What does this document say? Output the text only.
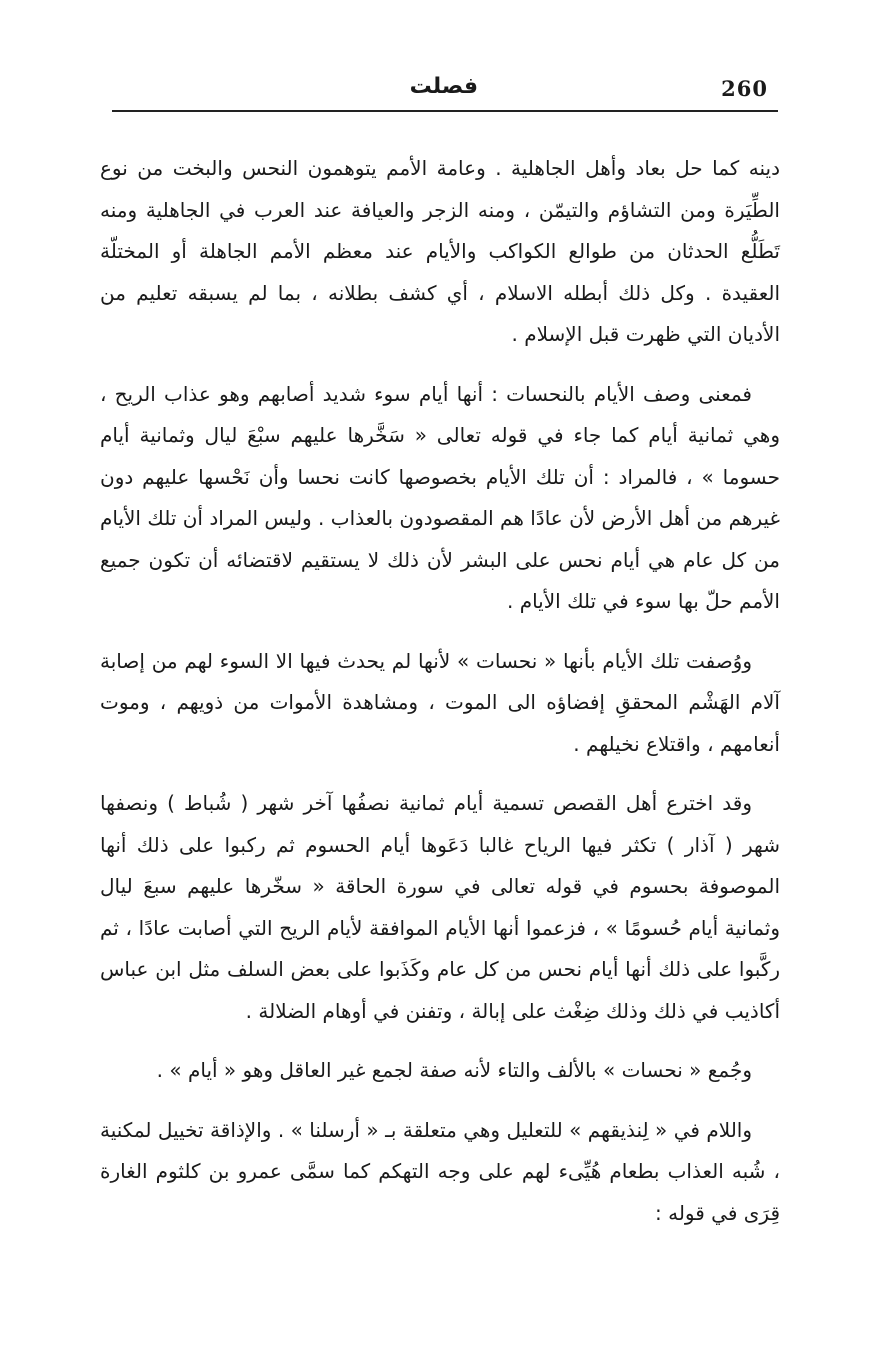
260
فصلت

دينه كما حل بعاد وأهل الجاهلية . وعامة الأمم يتوهمون النحس والبخت من نوع الطِّيَرة ومن التشاؤم والتيمّن ، ومنه الزجر والعيافة عند العرب في الجاهلية ومنه تَطَلُّع الحدثان من طوالع الكواكب والأيام عند معظم الأمم الجاهلة أو المختلّة العقيدة . وكل ذلك أبطله الاسلام ، أي كشف بطلانه ، بما لم يسبقه تعليم من الأديان التي ظهرت قبل الإسلام .

فمعنى وصف الأيام بالنحسات : أنها أيام سوء شديد أصابهم وهو عذاب الريح ، وهي ثمانية أيام كما جاء في قوله تعالى « سَخَّرها عليهم سبْعَ ليال وثمانية أيام حسوما » ، فالمراد : أن تلك الأيام بخصوصها كانت نحسا وأن نَحْسها عليهم دون غيرهم من أهل الأرض لأن عادًا هم المقصودون بالعذاب . وليس المراد أن تلك الأيام من كل عام هي أيام نحس على البشر لأن ذلك لا يستقيم لاقتضائه أن تكون جميع الأمم حلّ بها سوء في تلك الأيام .

ووُصفت تلك الأيام بأنها « نحسات » لأنها لم يحدث فيها الا السوء لهم من إصابة آلام الهَشْم المحققِ إفضاؤه الى الموت ، ومشاهدة الأموات من ذويهم ، وموت أنعامهم ، واقتلاع نخيلهم .

وقد اخترع أهل القصص تسمية أيام ثمانية نصفُها آخر شهر ( شُباط ) ونصفها شهر ( آذار ) تكثر فيها الرياح غالبا دَعَوها أيام الحسوم ثم ركبوا على ذلك أنها الموصوفة بحسوم في قوله تعالى في سورة الحاقة « سخّرها عليهم سبعَ ليال وثمانية أيام حُسومًا » ، فزعموا أنها الأيام الموافقة لأيام الريح التي أصابت عادًا ، ثم ركَّبوا على ذلك أنها أيام نحس من كل عام وكَذَبوا على بعض السلف مثل ابن عباس أكاذيب في ذلك وذلك ضِغْث على إبالة ، وتفنن في أوهام الضلالة .

وجُمع « نحسات » بالألف والتاء لأنه صفة لجمع غير العاقل وهو « أيام » .

واللام في « لِنذيقهم » للتعليل وهي متعلقة بـ « أرسلنا » . والإذاقة تخييل لمكنية ، شُبه العذاب بطعام هُيِّىء لهم على وجه التهكم كما سمَّى عمرو بن كلثوم الغارة قِرَى في قوله :
